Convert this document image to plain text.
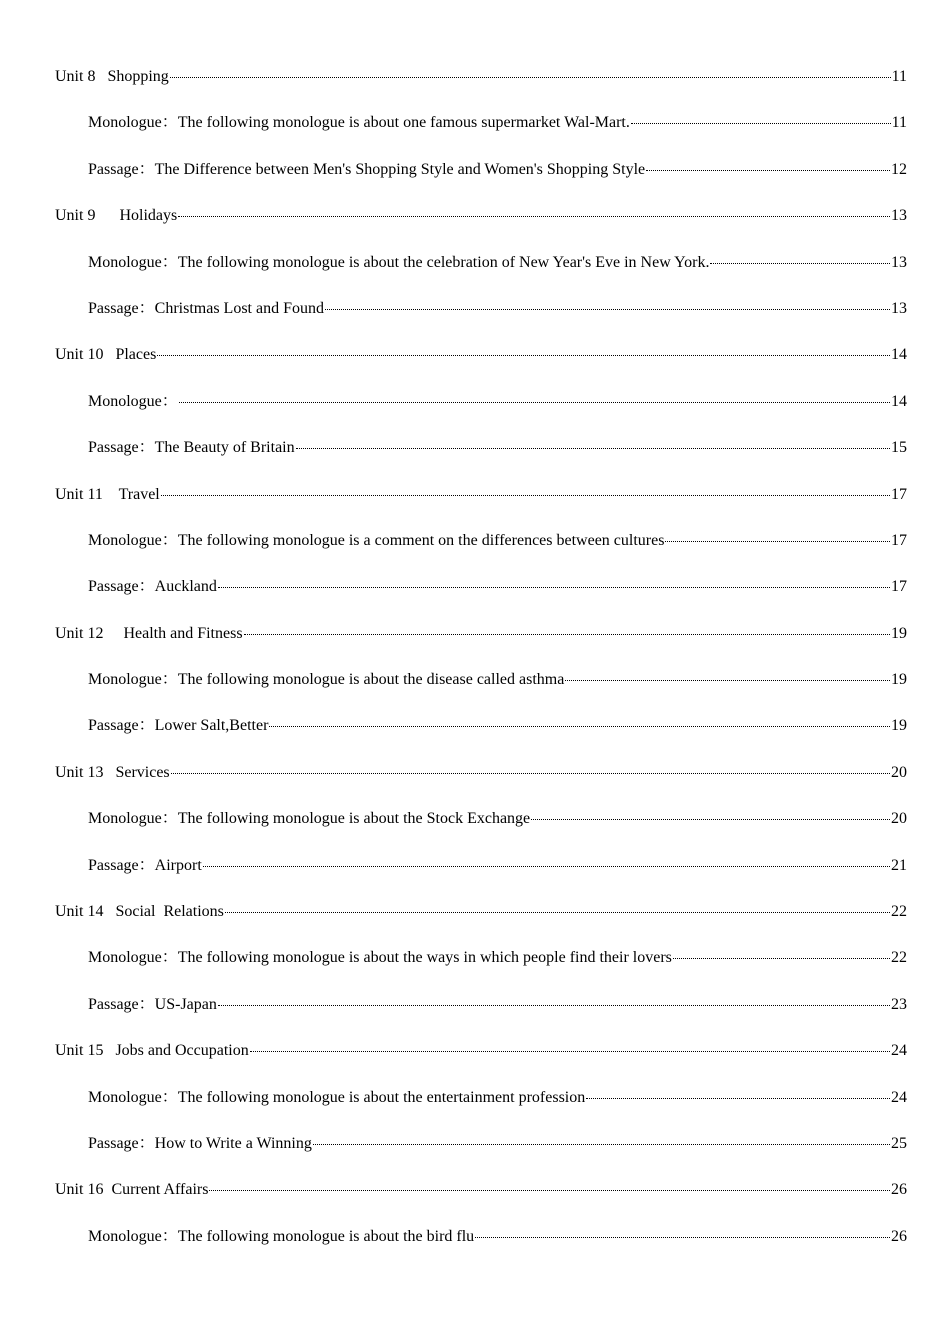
Unit 8   Shopping	11
Monologue：The following monologue is about one famous supermarket Wal-Mart.	11
Passage：The Difference between Men's Shopping Style and Women's Shopping Style	12
Unit 9      Holidays	13
Monologue：The following monologue is about the celebration of New Year's Eve in New York.	13
Passage：Christmas Lost and Found	13
Unit 10   Places	14
Monologue：	14
Passage：The Beauty of Britain	15
Unit 11    Travel	17
Monologue：The following monologue is a comment on the differences between cultures	17
Passage：Auckland	17
Unit 12     Health and Fitness	19
Monologue：The following monologue is about the disease called asthma	19
Passage：Lower Salt,Better	19
Unit 13   Services	20
Monologue：The following monologue is about the Stock Exchange	20
Passage：Airport	21
Unit 14   Social  Relations	22
Monologue：The following monologue is about the ways in which people find their lovers	22
Passage：US-Japan	23
Unit 15   Jobs and Occupation	24
Monologue：The following monologue is about the entertainment profession	24
Passage：How to Write a Winning	25
Unit 16  Current Affairs	26
Monologue：The following monologue is about the bird flu	26
